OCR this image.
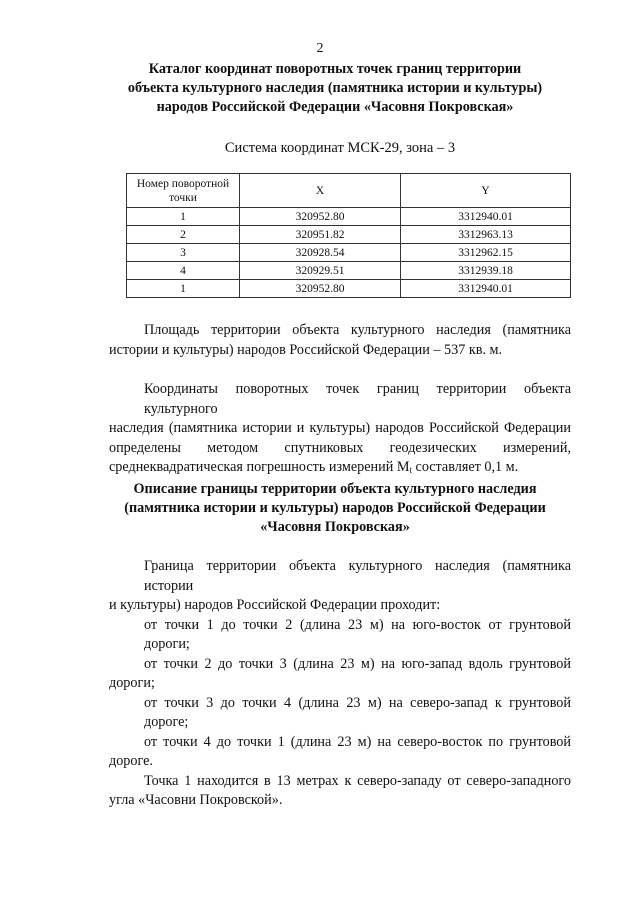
2
Каталог координат поворотных точек границ территории
объекта культурного наследия (памятника истории и культуры)
народов Российской Федерации «Часовня Покровская»
Система координат МСК-29, зона – 3
Номер поворотной точки	X	Y
1	320952.80	3312940.01
2	320951.82	3312963.13
3	320928.54	3312962.15
4	320929.51	3312939.18
1	320952.80	3312940.01
Площадь территории объекта культурного наследия (памятника
истории и культуры) народов Российской Федерации – 537 кв. м.
Координаты поворотных точек границ территории объекта культурного
наследия (памятника истории и культуры) народов Российской Федерации
определены методом спутниковых геодезических измерений,
среднеквадратическая погрешность измерений $M_t$ составляет 0,1 м.
Описание границы территории объекта культурного наследия
(памятника истории и культуры) народов Российской Федерации
«Часовня Покровская»
Граница территории объекта культурного наследия (памятника истории
и культуры) народов Российской Федерации проходит:
от точки 1 до точки 2 (длина 23 м) на юго-восток от грунтовой дороги;
от точки 2 до точки 3 (длина 23 м) на юго-запад вдоль грунтовой
дороги;
от точки 3 до точки 4 (длина 23 м) на северо-запад к грунтовой дороге;
от точки 4 до точки 1 (длина 23 м) на северо-восток по грунтовой
дороге.
Точка 1 находится в 13 метрах к северо-западу от северо-западного
угла «Часовни Покровской».
